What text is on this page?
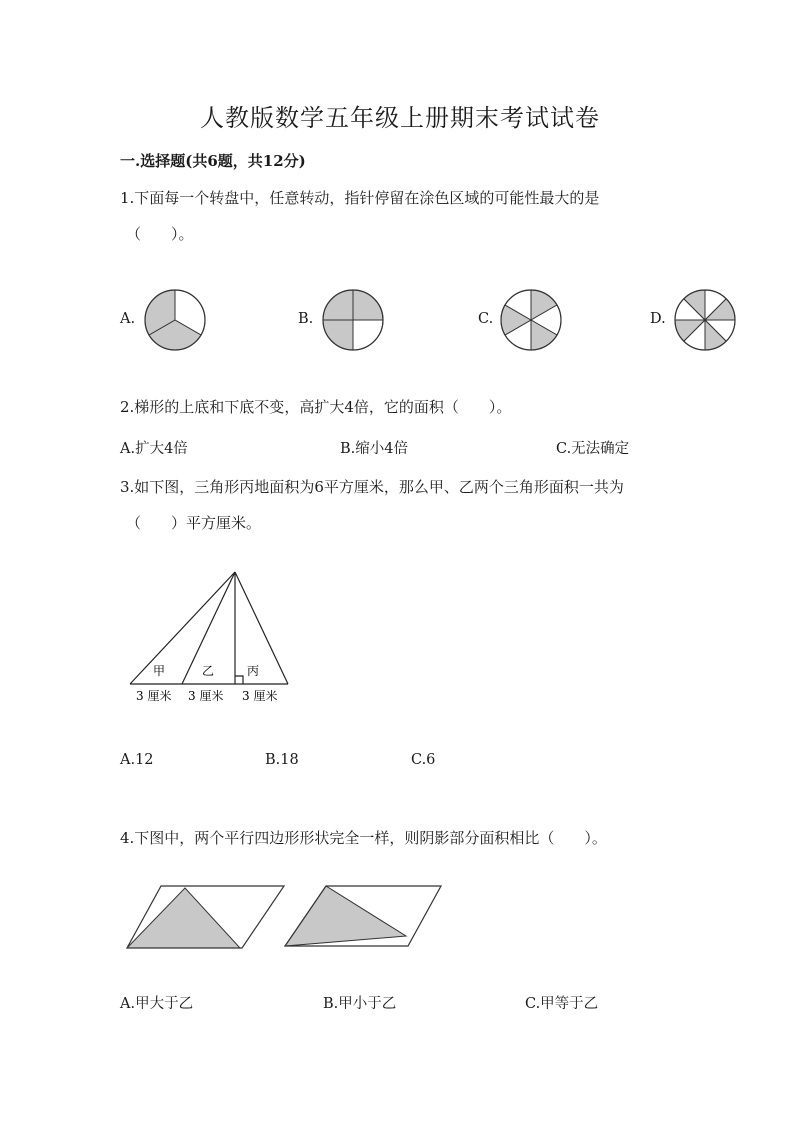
人教版数学五年级上册期末考试试卷
一.选择题(共6题，共12分)
1.下面每一个转盘中，任意转动，指针停留在涂色区域的可能性最大的是
（　　）。
A.	B.	C.	D.
2.梯形的上底和下底不变，高扩大4倍，它的面积（　　）。
A.扩大4倍	B.缩小4倍	C.无法确定
3.如下图，三角形丙地面积为6平方厘米，那么甲、乙两个三角形面积一共为
（　　）平方厘米。
甲	乙	丙
3 厘米 3 厘米 3 厘米
A.12	B.18	C.6
4.下图中，两个平行四边形形状完全一样，则阴影部分面积相比（　　）。
A.甲大于乙	B.甲小于乙	C.甲等于乙
